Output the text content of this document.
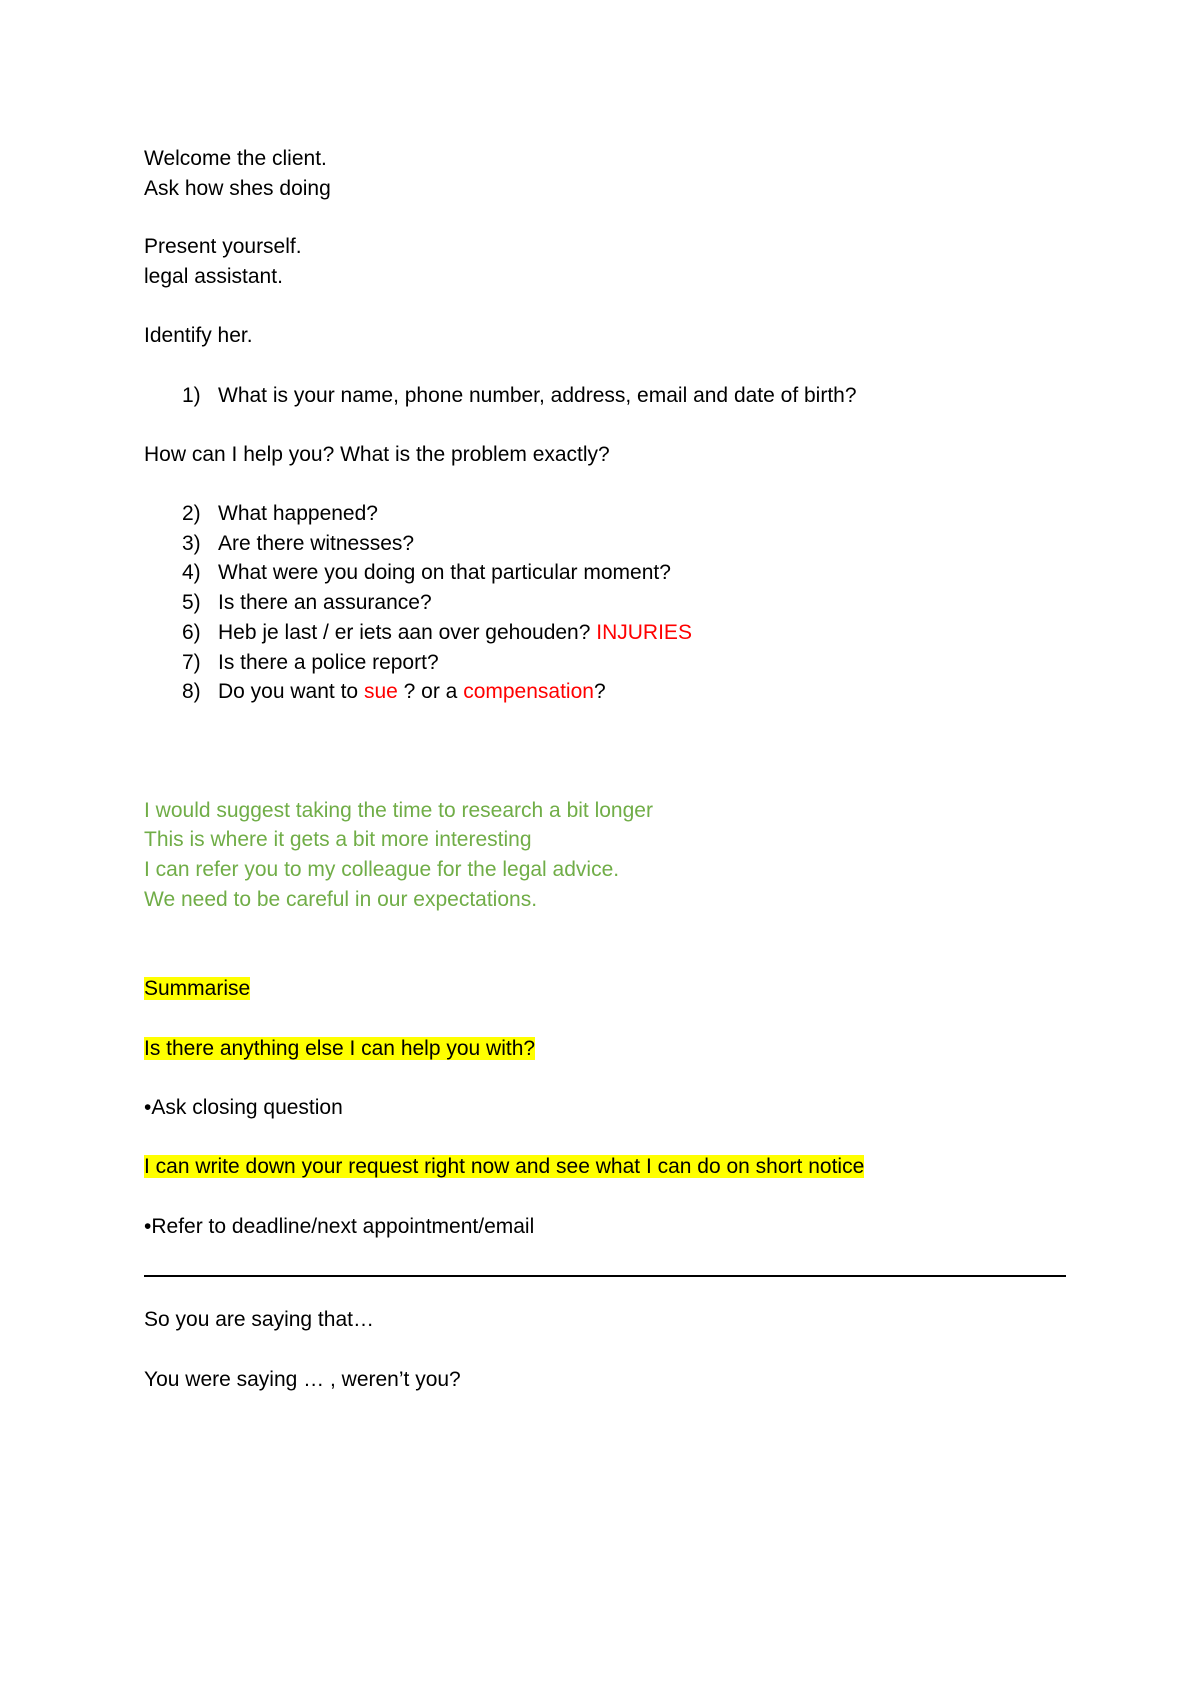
Welcome the client.
Ask how shes doing
Present yourself.
legal assistant.
Identify her.
1) What is your name, phone number, address, email and date of birth?
How can I help you? What is the problem exactly?
2) What happened?
3) Are there witnesses?
4) What were you doing on that particular moment?
5) Is there an assurance?
6) Heb je last / er iets aan over gehouden? INJURIES
7) Is there a police report?
8) Do you want to sue ? or a compensation?
I would suggest taking the time to research a bit longer
This is where it gets a bit more interesting
I can refer you to my colleague for the legal advice.
We need to be careful in our expectations.
Summarise
Is there anything else I can help you with?
•Ask closing question
I can write down your request right now and see what I can do on short notice
•Refer to deadline/next appointment/email
So you are saying that…
You were saying … , weren’t you?
